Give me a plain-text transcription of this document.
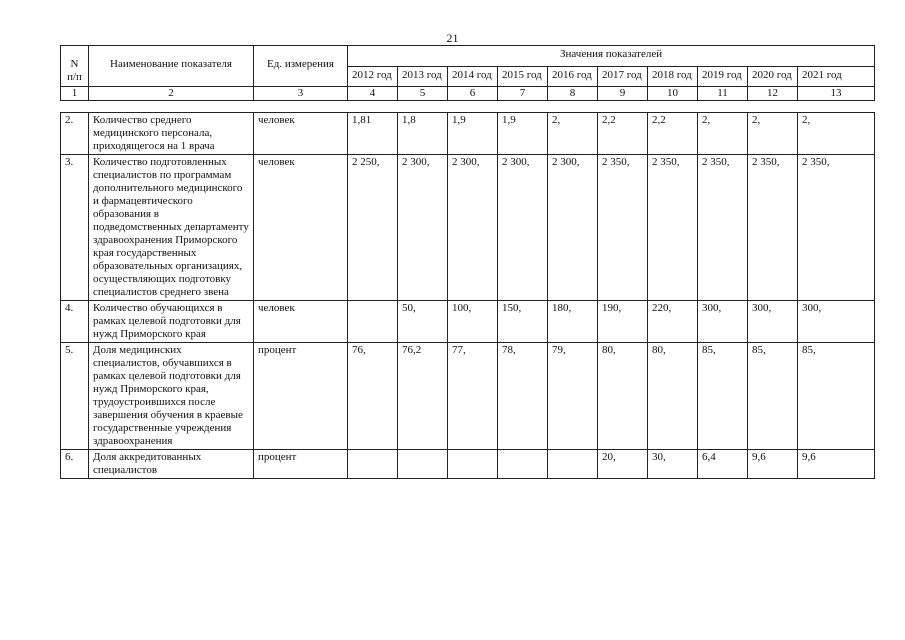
21
N п/п	Наименование показателя	Ед. измерения	Значения показателей									
			2012 год	2013 год	2014 год	2015 год	2016 год	2017 год	2018 год	2019 год	2020 год	2021 год
1	2	3	4	5	6	7	8	9	10	11	12	13
2.	Количество среднего медицинского персонала, приходящегося на 1 врача	человек	1,81	1,8	1,9	1,9	2,	2,2	2,2	2,	2,	2,
3.	Количество подготовленных специалистов по программам дополнительного медицинского и фармацевтического образования в подведомственных департаменту здравоохранения Приморского края государственных образовательных организациях, осуществляющих подготовку специалистов среднего звена	человек	2 250,	2 300,	2 300,	2 300,	2 300,	2 350,	2 350,	2 350,	2 350,	2 350,
4.	Количество обучающихся в рамках целевой подготовки для нужд Приморского края	человек		50,	100,	150,	180,	190,	220,	300,	300,	300,
5.	Доля медицинских специалистов, обучавшихся в рамках целевой подготовки для нужд Приморского края, трудоустроившихся после завершения обучения в краевые государственные учреждения здравоохранения	процент	76,	76,2	77,	78,	79,	80,	80,	85,	85,	85,
6.	Доля аккредитованных специалистов	процент						20,	30,	6,4	9,6	9,6
